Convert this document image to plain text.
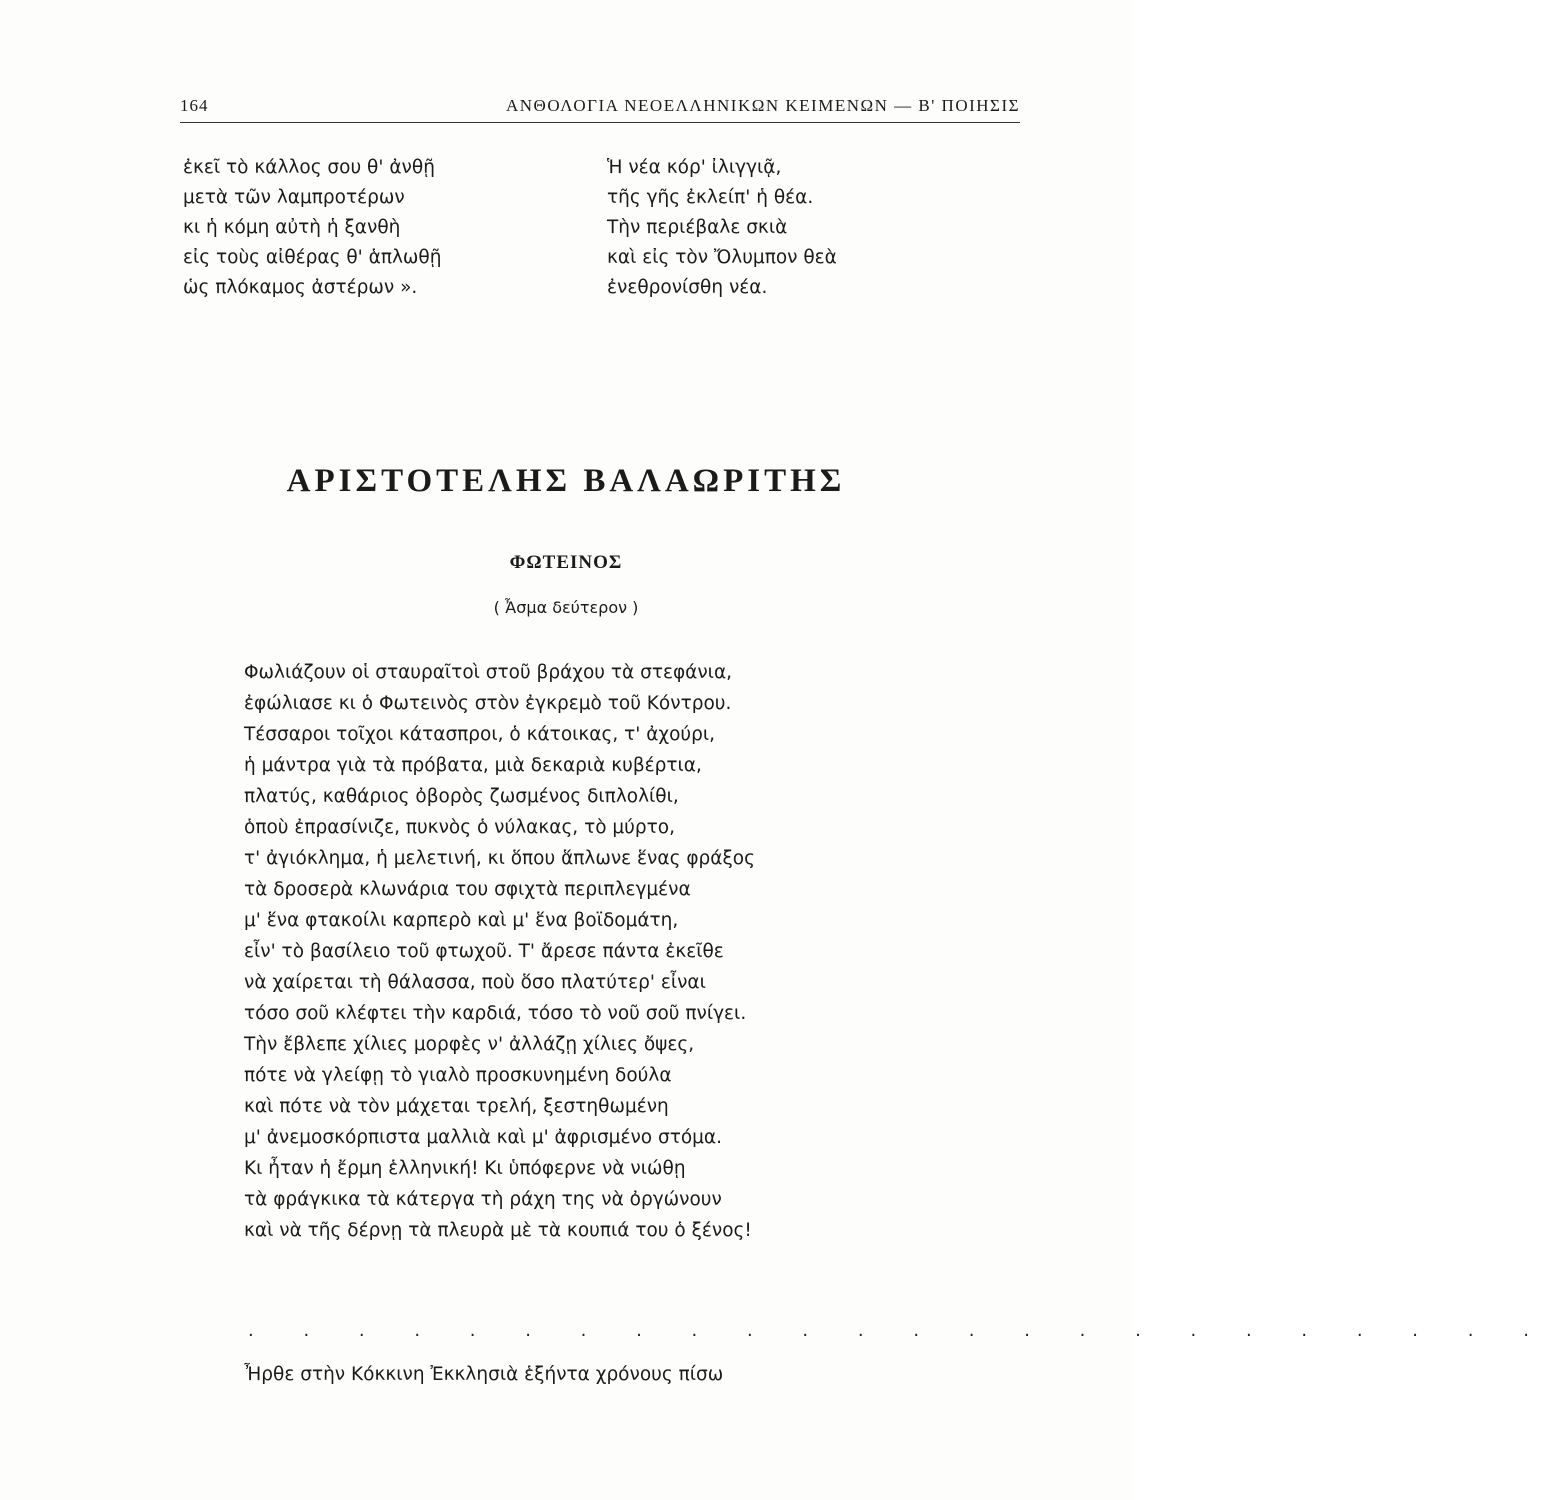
164	ΑΝΘΟΛΟΓΙΑ ΝΕΟΕΛΛΗΝΙΚΩΝ ΚΕΙΜΕΝΩΝ — Β' ΠΟΙΗΣΙΣ
ἐκεῖ τὸ κάλλος σου θ' ἀνθῇ
μετὰ τῶν λαμπροτέρων
κι ἡ κόμη αὐτὴ ἡ ξανθὴ
εἰς τοὺς αἰθέρας θ' ἁπλωθῇ
ὡς πλόκαμος ἀστέρων ».
Ἡ νέα κόρ' ἰλιγγιᾷ,
τῆς γῆς ἐκλείπ' ἡ θέα.
Τὴν περιέβαλε σκιὰ
καὶ εἰς τὸν Ὄλυμπον θεὰ
ἐνεθρονίσθη νέα.
ΑΡΙΣΤΟΤΕΛΗΣ ΒΑΛΑΩΡΙΤΗΣ
ΦΩΤΕΙΝΟΣ
( Ἆσμα δεύτερον )
Φωλιάζουν οἱ σταυραῖτοὶ στοῦ βράχου τὰ στεφάνια,
ἐφώλιασε κι ὁ Φωτεινὸς στὸν ἐγκρεμὸ τοῦ Κόντρου.
Τέσσαροι τοῖχοι κάτασπροι, ὁ κάτοικας, τ' ἀχούρι,
ἡ μάντρα γιὰ τὰ πρόβατα, μιὰ δεκαριὰ κυβέρτια,
πλατύς, καθάριος ὀβορὸς ζωσμένος διπλολίθι,
ὁποὺ ἐπρασίνιζε, πυκνὸς ὁ νύλακας, τὸ μύρτο,
τ' ἀγιόκλημα, ἡ μελετινή, κι ὅπου ἅπλωνε ἕνας φράξος
τὰ δροσερὰ κλωνάρια του σφιχτὰ περιπλεγμένα
μ' ἕνα φτακοίλι καρπερὸ καὶ μ' ἕνα βοϊδομάτη,
εἶν' τὸ βασίλειο τοῦ φτωχοῦ. Τ' ἄρεσε πάντα ἐκεῖθε
νὰ χαίρεται τὴ θάλασσα, ποὺ ὅσο πλατύτερ' εἶναι
τόσο σοῦ κλέφτει τὴν καρδιά, τόσο τὸ νοῦ σοῦ πνίγει.
Τὴν ἔβλεπε χίλιες μορφὲς ν' ἀλλάζῃ χίλιες ὄψες,
πότε νὰ γλείφῃ τὸ γιαλὸ προσκυνημένη δούλα
καὶ πότε νὰ τὸν μάχεται τρελή, ξεστηθωμένη
μ' ἀνεμοσκόρπιστα μαλλιὰ καὶ μ' ἀφρισμένο στόμα.
Κι ἦταν ἡ ἔρμη ἑλληνική! Κι ὑπόφερνε νὰ νιώθῃ
τὰ φράγκικα τὰ κάτεργα τὴ ράχη της νὰ ὀργώνουν
καὶ νὰ τῆς δέρνῃ τὰ πλευρὰ μὲ τὰ κουπιά του ὁ ξένος!
. . . . . . . . . . . . . . . . . . . . . . . .
Ἦρθε στὴν Κόκκινη Ἐκκλησιὰ ἑξήντα χρόνους πίσω
